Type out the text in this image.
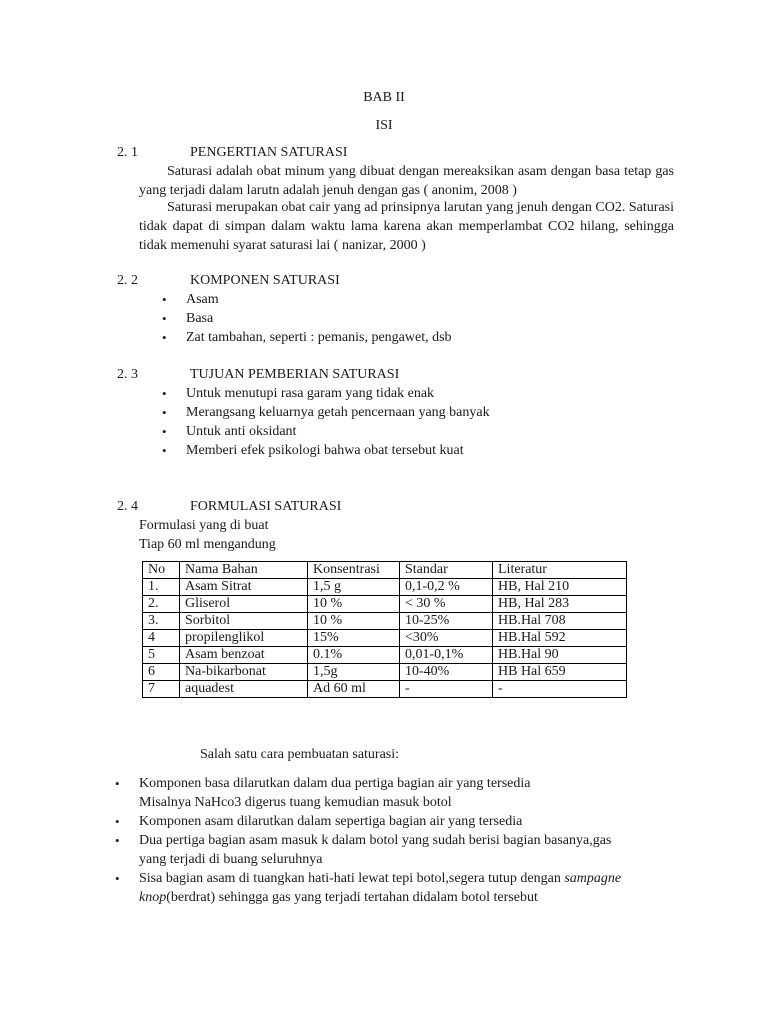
BAB II
ISI
2. 1	PENGERTIAN SATURASI
Saturasi adalah obat minum yang dibuat dengan mereaksikan asam dengan basa tetap gas yang terjadi dalam larutn adalah jenuh dengan gas ( anonim, 2008 )
Saturasi merupakan obat cair yang ad prinsipnya larutan yang jenuh dengan CO2. Saturasi tidak dapat di simpan dalam waktu lama karena akan memperlambat CO2 hilang, sehingga tidak memenuhi syarat saturasi lai ( nanizar, 2000 )
2. 2	KOMPONEN SATURASI
• Asam
• Basa
• Zat tambahan, seperti : pemanis, pengawet, dsb
2. 3	TUJUAN PEMBERIAN SATURASI
• Untuk menutupi rasa garam yang tidak enak
• Merangsang keluarnya getah pencernaan yang banyak
• Untuk anti oksidant
• Memberi efek psikologi bahwa obat tersebut kuat
2. 4	FORMULASI SATURASI
Formulasi yang di buat
Tiap 60 ml mengandung
No	Nama Bahan	Konsentrasi	Standar	Literatur
1.	Asam Sitrat	1,5 g	0,1-0,2 %	HB, Hal 210
2.	Gliserol	10 %	< 30 %	HB, Hal 283
3.	Sorbitol	10 %	10-25%	HB.Hal 708
4	propilenglikol	15%	<30%	HB.Hal 592
5	Asam benzoat	0.1%	0,01-0,1%	HB.Hal 90
6	Na-bikarbonat	1,5g	10-40%	HB Hal 659
7	aquadest	Ad 60 ml	-	-
Salah satu cara pembuatan saturasi:
• Komponen basa dilarutkan dalam dua pertiga bagian air yang tersedia
Misalnya NaHco3 digerus tuang kemudian masuk botol
• Komponen asam dilarutkan dalam sepertiga bagian air yang tersedia
• Dua pertiga bagian asam masuk k dalam botol yang sudah berisi bagian basanya,gas
yang terjadi di buang seluruhnya
• Sisa bagian asam di tuangkan hati-hati lewat tepi botol,segera tutup dengan sampagne
knop(berdrat) sehingga gas yang terjadi tertahan didalam botol tersebut
